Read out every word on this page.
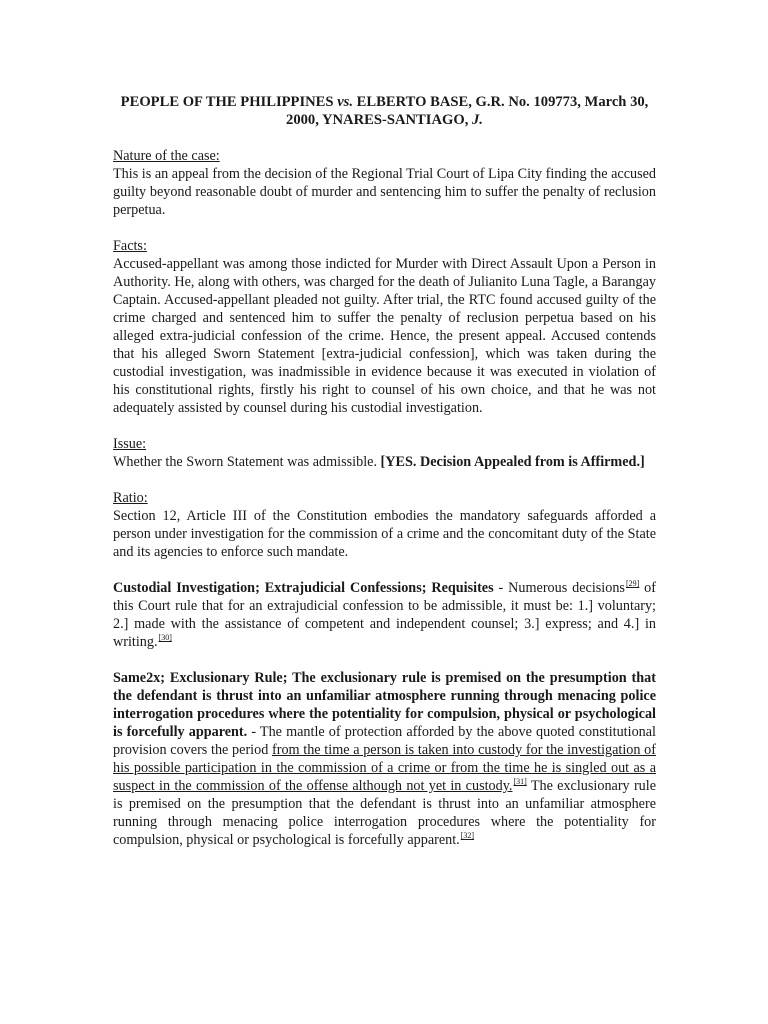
PEOPLE OF THE PHILIPPINES vs. ELBERTO BASE, G.R. No. 109773, March 30, 2000, YNARES-SANTIAGO, J.
Nature of the case:

This is an appeal from the decision of the Regional Trial Court of Lipa City finding the accused guilty beyond reasonable doubt of murder and sentencing him to suffer the penalty of reclusion perpetua.

Facts:

Accused-appellant was among those indicted for Murder with Direct Assault Upon a Person in Authority. He, along with others, was charged for the death of Julianito Luna Tagle, a Barangay Captain. Accused-appellant pleaded not guilty. After trial, the RTC found accused guilty of the crime charged and sentenced him to suffer the penalty of reclusion perpetua based on his alleged extra-judicial confession of the crime. Hence, the present appeal. Accused contends that his alleged Sworn Statement [extra-judicial confession], which was taken during the custodial investigation, was inadmissible in evidence because it was executed in violation of his constitutional rights, firstly his right to counsel of his own choice, and that he was not adequately assisted by counsel during his custodial investigation.

Issue:

Whether the Sworn Statement was admissible. [YES. Decision Appealed from is Affirmed.]

Ratio:

Section 12, Article III of the Constitution embodies the mandatory safeguards afforded a person under investigation for the commission of a crime and the concomitant duty of the State and its agencies to enforce such mandate.

Custodial Investigation; Extrajudicial Confessions; Requisites - Numerous decisions[29] of this Court rule that for an extrajudicial confession to be admissible, it must be: 1.] voluntary; 2.] made with the assistance of competent and independent counsel; 3.] express; and 4.] in writing.[30]

Same2x; Exclusionary Rule; The exclusionary rule is premised on the presumption that the defendant is thrust into an unfamiliar atmosphere running through menacing police interrogation procedures where the potentiality for compulsion, physical or psychological is forcefully apparent. - The mantle of protection afforded by the above quoted constitutional provision covers the period from the time a person is taken into custody for the investigation of his possible participation in the commission of a crime or from the time he is singled out as a suspect in the commission of the offense although not yet in custody.[31] The exclusionary rule is premised on the presumption that the defendant is thrust into an unfamiliar atmosphere running through menacing police interrogation procedures where the potentiality for compulsion, physical or psychological is forcefully apparent.[32]
